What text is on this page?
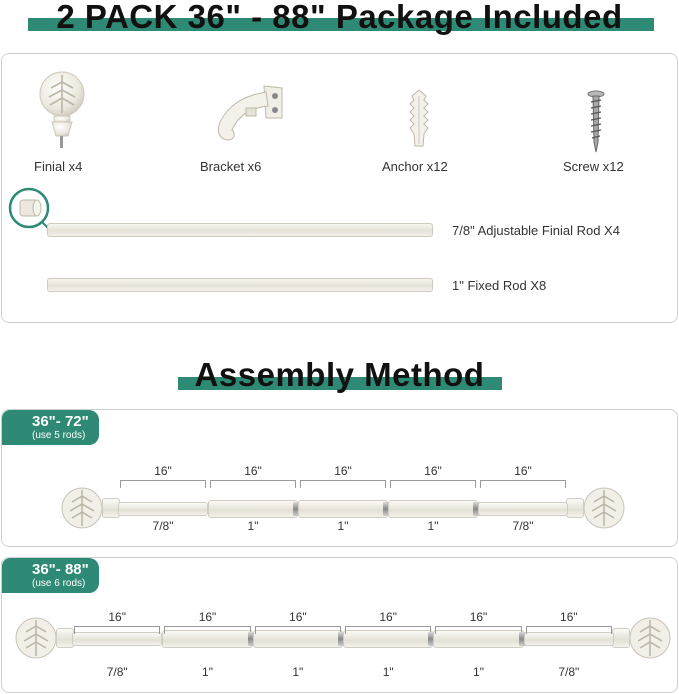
2 PACK 36" - 88" Package Included
Finial x4	Bracket x6	Anchor x12	Screw x12
7/8" Adjustable Finial Rod X4
1" Fixed Rod X8
Assembly Method
36"- 72"
(use 5 rods)
16"
7/8"
16"
1"
16"
1"
16"
1"
16"
7/8"
36"- 88"
(use 6 rods)
16"
7/8"
16"
1"
16"
1"
16"
1"
16"
1"
16"
7/8"
